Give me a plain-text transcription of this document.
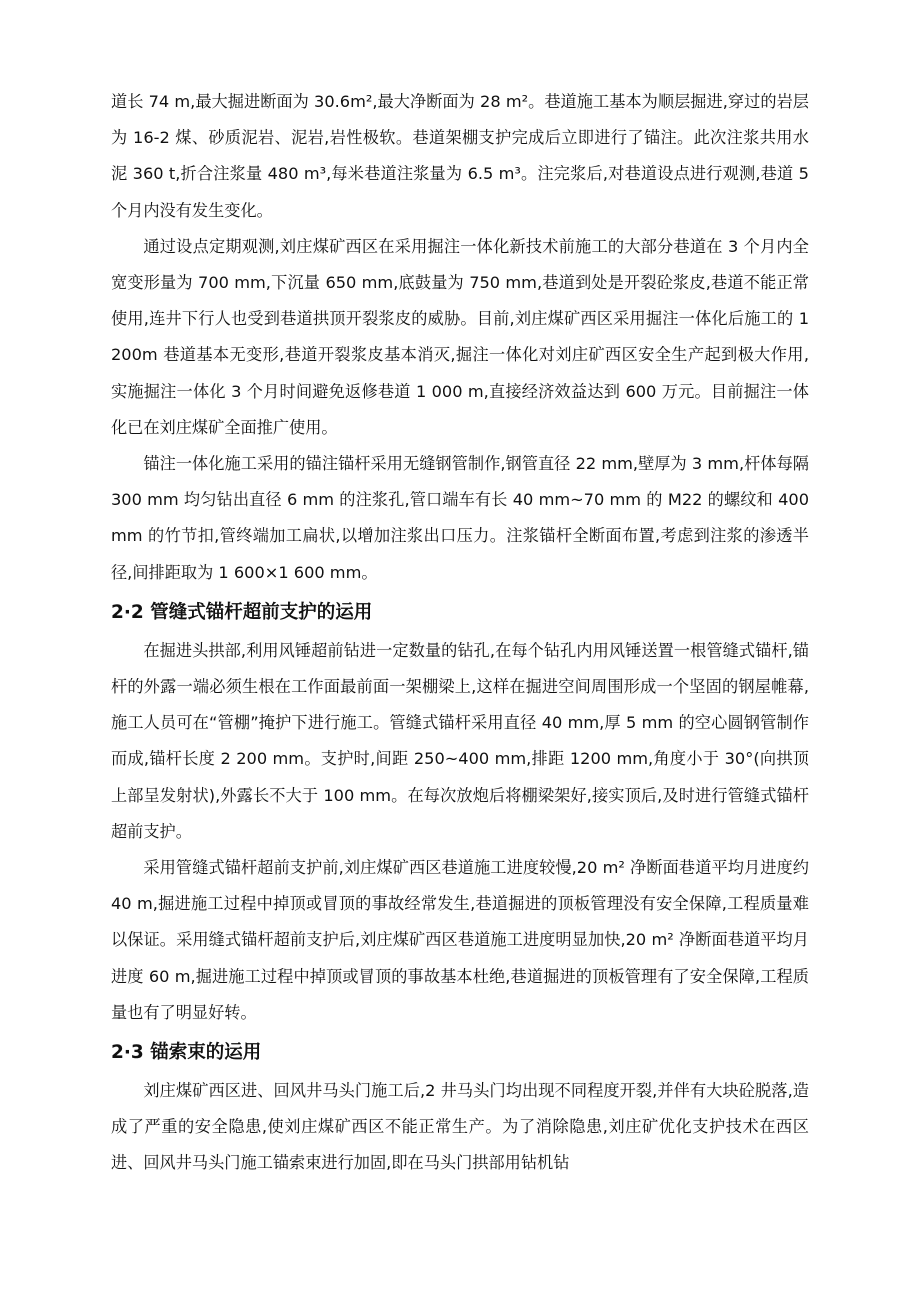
道长 74 m,最大掘进断面为 30.6m²,最大净断面为 28 m²。巷道施工基本为顺层掘进,穿过的岩层为 16-2 煤、砂质泥岩、泥岩,岩性极软。巷道架棚支护完成后立即进行了锚注。此次注浆共用水泥 360 t,折合注浆量 480 m³,每米巷道注浆量为 6.5 m³。注完浆后,对巷道设点进行观测,巷道 5 个月内没有发生变化。

通过设点定期观测,刘庄煤矿西区在采用掘注一体化新技术前施工的大部分巷道在 3 个月内全宽变形量为 700 mm,下沉量 650 mm,底鼓量为 750 mm,巷道到处是开裂砼浆皮,巷道不能正常使用,连井下行人也受到巷道拱顶开裂浆皮的威胁。目前,刘庄煤矿西区采用掘注一体化后施工的 1 200m 巷道基本无变形,巷道开裂浆皮基本消灭,掘注一体化对刘庄矿西区安全生产起到极大作用,实施掘注一体化 3 个月时间避免返修巷道 1 000 m,直接经济效益达到 600 万元。目前掘注一体化已在刘庄煤矿全面推广使用。

锚注一体化施工采用的锚注锚杆采用无缝钢管制作,钢管直径 22 mm,壁厚为 3 mm,杆体每隔 300 mm 均匀钻出直径 6 mm 的注浆孔,管口端车有长 40 mm~70 mm 的 M22 的螺纹和 400 mm 的竹节扣,管终端加工扁状,以增加注浆出口压力。注浆锚杆全断面布置,考虑到注浆的渗透半径,间排距取为 1 600×1 600 mm。

2·2 管缝式锚杆超前支护的运用

在掘进头拱部,利用风锤超前钻进一定数量的钻孔,在每个钻孔内用风锤送置一根管缝式锚杆,锚杆的外露一端必须生根在工作面最前面一架棚梁上,这样在掘进空间周围形成一个坚固的钢屋帷幕,施工人员可在“管棚”掩护下进行施工。管缝式锚杆采用直径 40 mm,厚 5 mm 的空心圆钢管制作而成,锚杆长度 2 200 mm。支护时,间距 250~400 mm,排距 1200 mm,角度小于 30°(向拱顶上部呈发射状),外露长不大于 100 mm。在每次放炮后将棚梁架好,接实顶后,及时进行管缝式锚杆超前支护。

采用管缝式锚杆超前支护前,刘庄煤矿西区巷道施工进度较慢,20 m² 净断面巷道平均月进度约 40 m,掘进施工过程中掉顶或冒顶的事故经常发生,巷道掘进的顶板管理没有安全保障,工程质量难以保证。采用缝式锚杆超前支护后,刘庄煤矿西区巷道施工进度明显加快,20 m² 净断面巷道平均月进度 60 m,掘进施工过程中掉顶或冒顶的事故基本杜绝,巷道掘进的顶板管理有了安全保障,工程质量也有了明显好转。

2·3 锚索束的运用

刘庄煤矿西区进、回风井马头门施工后,2 井马头门均出现不同程度开裂,并伴有大块砼脱落,造成了严重的安全隐患,使刘庄煤矿西区不能正常生产。为了消除隐患,刘庄矿优化支护技术在西区进、回风井马头门施工锚索束进行加固,即在马头门拱部用钻机钻
